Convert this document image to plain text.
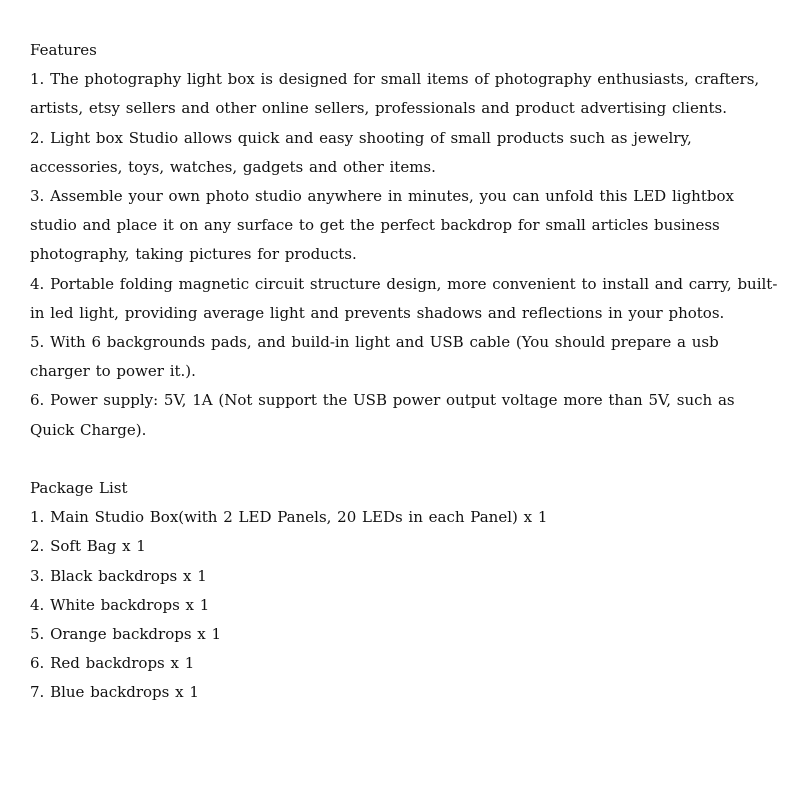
Features

1. The photography light box is designed for small items of photography enthusiasts, crafters, artists, etsy sellers and other online sellers, professionals and product advertising clients.

2. Light box Studio allows quick and easy shooting of small products such as jewelry, accessories, toys, watches, gadgets and other items.

3. Assemble your own photo studio anywhere in minutes, you can unfold this LED lightbox studio and place it on any surface to get the perfect backdrop for small articles business photography, taking pictures for products.

4. Portable folding magnetic circuit structure design, more convenient to install and carry, built-in led light, providing average light and prevents shadows and reflections in your photos.

5. With 6 backgrounds pads, and build-in light and USB cable (You should prepare a usb charger to power it.).

6. Power supply: 5V, 1A (Not support the USB power output voltage more than 5V, such as Quick Charge).

Package List

1. Main Studio Box(with 2 LED Panels, 20 LEDs in each Panel) x 1

2. Soft Bag x 1

3. Black backdrops x 1

4. White backdrops x 1

5. Orange backdrops x 1

6. Red backdrops x 1

7. Blue backdrops x 1
